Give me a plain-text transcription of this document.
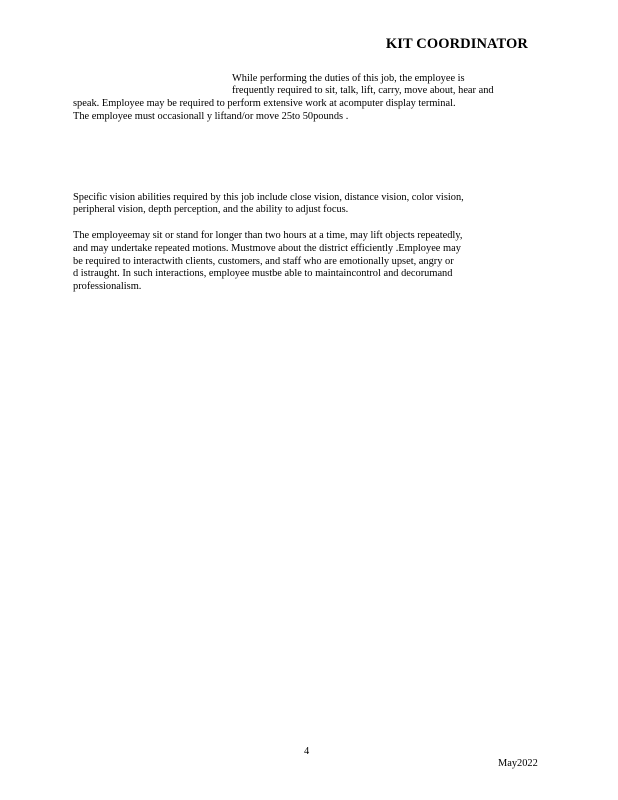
KIT COORDINATOR
While performing the duties of this job, the employee is
frequently required to sit, talk, lift, carry, move about, hear and
speak. Employee may be required to perform extensive work at acomputer display terminal.
The employee must occasionall y liftand/or move 25to 50pounds .
Specific vision abilities required by this job include close vision, distance vision, color vision,
peripheral vision, depth perception, and the ability to adjust focus.
The employeemay sit or stand for longer than two hours at a time, may lift objects repeatedly,
and may undertake repeated motions. Mustmove about the district efficiently .Employee may
be required to interactwith clients, customers, and staff who are emotionally upset, angry or
d istraught. In such interactions, employee mustbe able to maintaincontrol and decorumand
professionalism.
4
May2022
